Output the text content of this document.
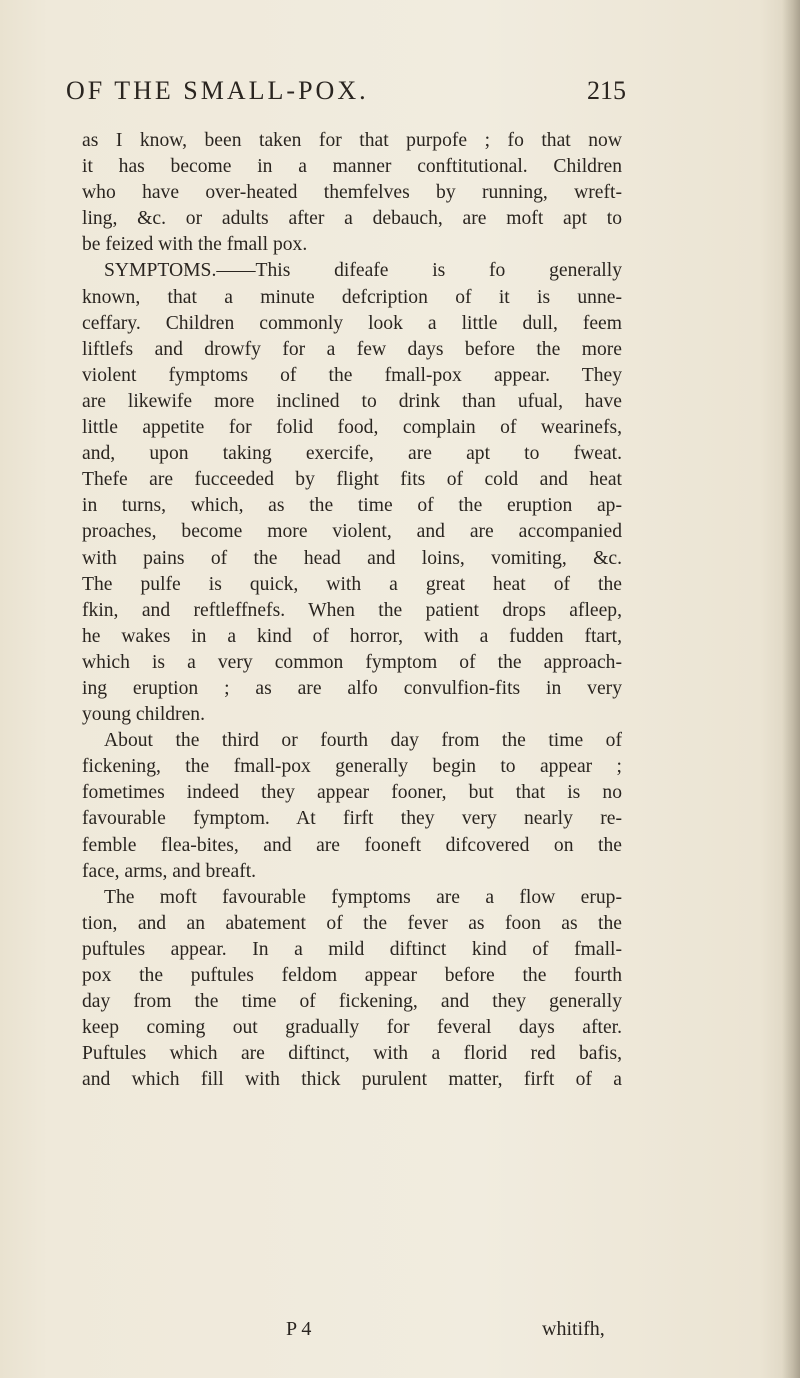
OF THE SMALL-POX.	215
as I know, been taken for that purpofe ; fo that now
it has become in a manner conftitutional. Children
who have over-heated themfelves by running, wreft-
ling, &c. or adults after a debauch, are moft apt to
be feized with the fmall pox.
SYMPTOMS.——This difeafe is fo generally
known, that a minute defcription of it is unne-
ceffary. Children commonly look a little dull, feem
liftlefs and drowfy for a few days before the more
violent fymptoms of the fmall-pox appear. They
are likewife more inclined to drink than ufual, have
little appetite for folid food, complain of wearinefs,
and, upon taking exercife, are apt to fweat.
Thefe are fucceeded by flight fits of cold and heat
in turns, which, as the time of the eruption ap-
proaches, become more violent, and are accompanied
with pains of the head and loins, vomiting, &c.
The pulfe is quick, with a great heat of the
fkin, and reftleffnefs. When the patient drops afleep,
he wakes in a kind of horror, with a fudden ftart,
which is a very common fymptom of the approach-
ing eruption ; as are alfo convulfion-fits in very
young children.
About the third or fourth day from the time of
fickening, the fmall-pox generally begin to appear ;
fometimes indeed they appear fooner, but that is no
favourable fymptom. At firft they very nearly re-
femble flea-bites, and are fooneft difcovered on the
face, arms, and breaft.
The moft favourable fymptoms are a flow erup-
tion, and an abatement of the fever as foon as the
puftules appear. In a mild diftinct kind of fmall-
pox the puftules feldom appear before the fourth
day from the time of fickening, and they generally
keep coming out gradually for feveral days after.
Puftules which are diftinct, with a florid red bafis,
and which fill with thick purulent matter, firft of a
P 4	whitifh,
